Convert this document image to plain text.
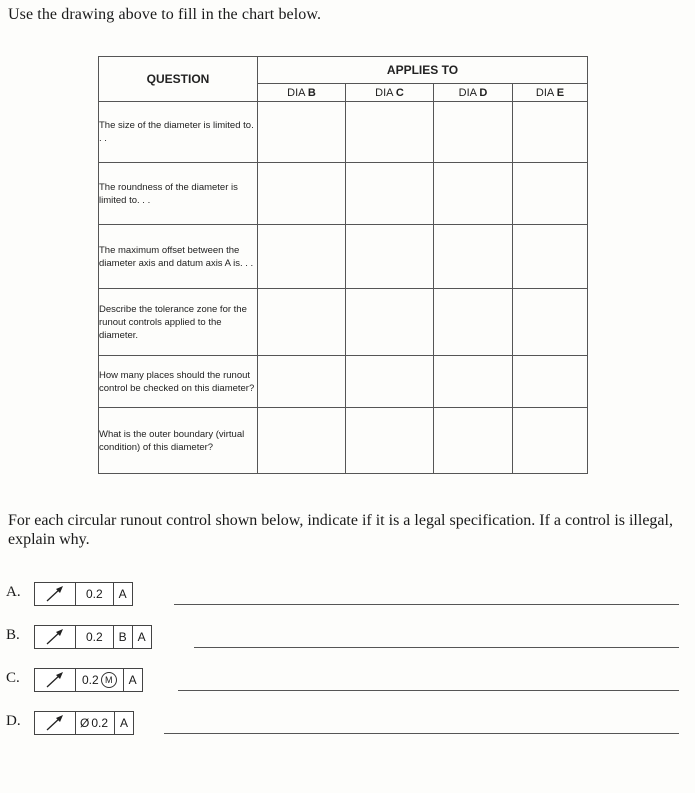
Use the drawing above to fill in the chart below.
QUESTION	APPLIES TO			
	DIA B	DIA C	DIA D	DIA E
The size of the diameter is limited to. . .				
The roundness of the diameter is limited to. . .				
The maximum offset between the diameter axis and datum axis A is. . .				
Describe the tolerance zone for the runout controls applied to the diameter.				
How many places should the runout control be checked on this diameter?				
What is the outer boundary (virtual condition) of this diameter?				
For each circular runout control shown below, indicate if it is a legal specification. If a control is illegal, explain why.
A.	0.2	A
B.	0.2	B A
C.	0.2 M	A
D.	Ø 0.2 A
